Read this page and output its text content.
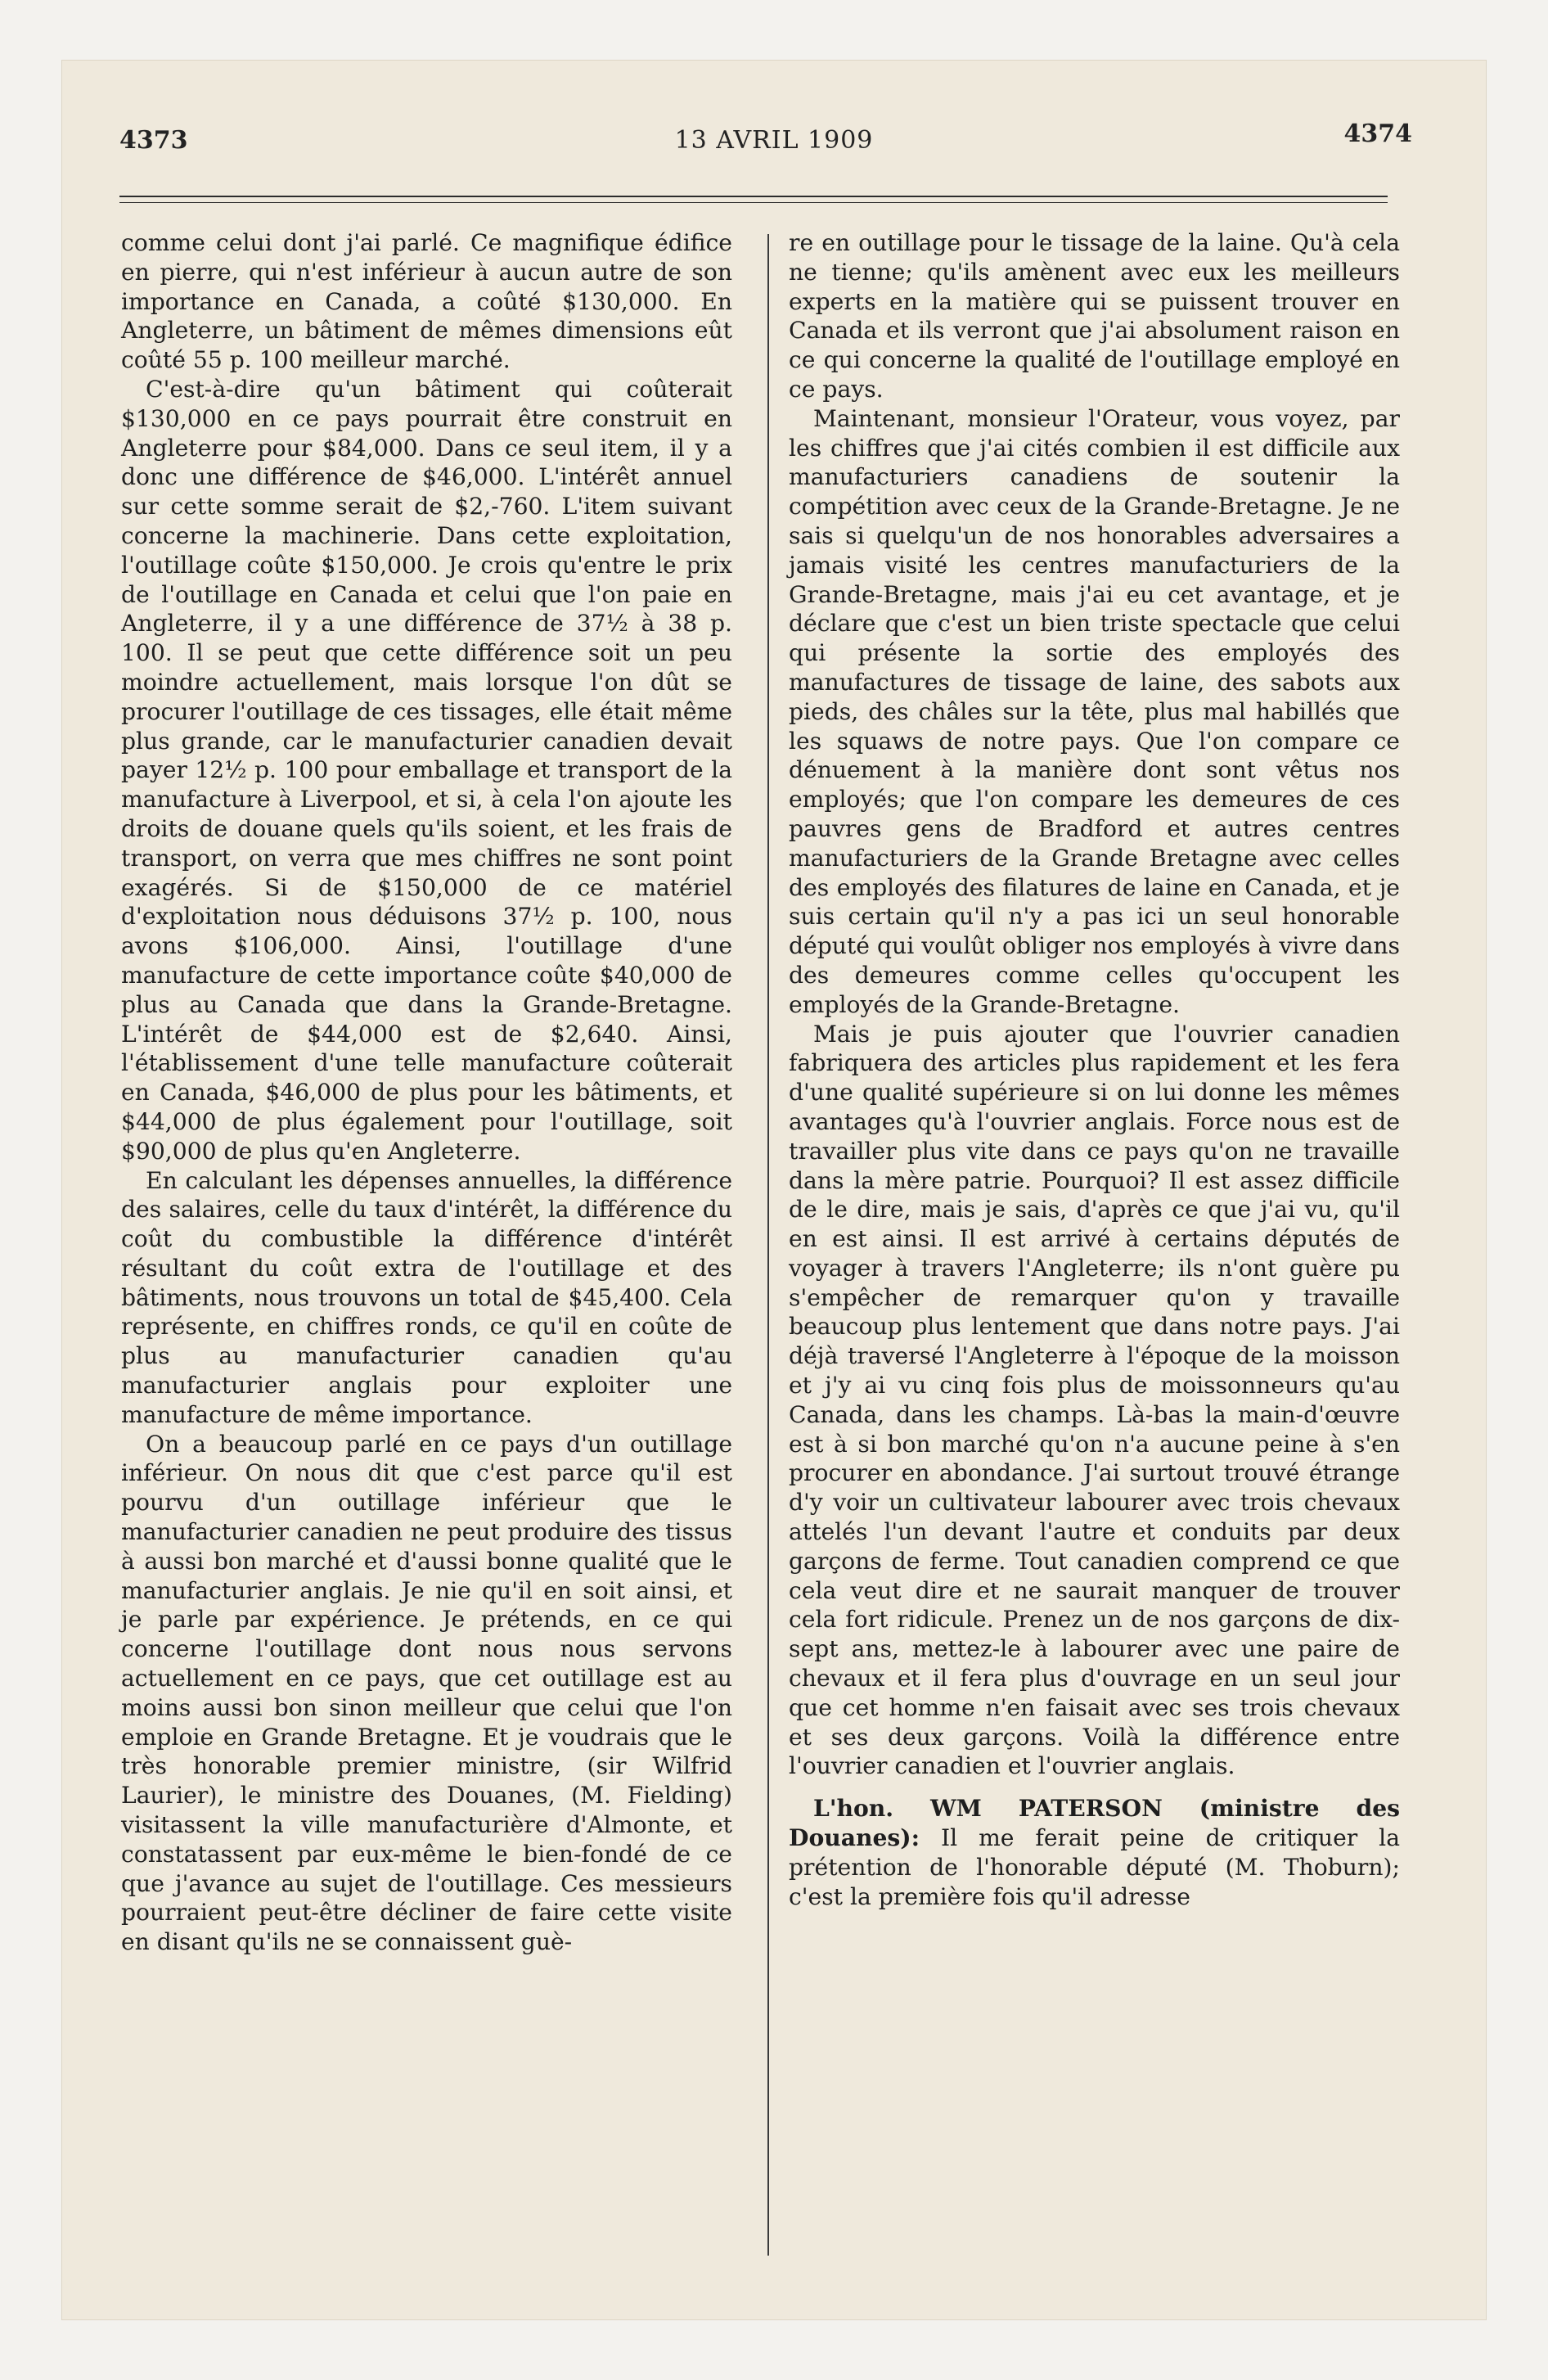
4373	13 AVRIL 1909	4374

comme celui dont j'ai parlé. Ce magnifique édifice en pierre, qui n'est inférieur à aucun autre de son importance en Canada, a coûté $130,000. En Angleterre, un bâtiment de mêmes dimensions eût coûté 55 p. 100 meilleur marché.

C'est-à-dire qu'un bâtiment qui coûterait $130,000 en ce pays pourrait être construit en Angleterre pour $84,000. Dans ce seul item, il y a donc une différence de $46,000. L'intérêt annuel sur cette somme serait de $2,-760. L'item suivant concerne la machinerie. Dans cette exploitation, l'outillage coûte $150,000. Je crois qu'entre le prix de l'outillage en Canada et celui que l'on paie en Angleterre, il y a une différence de 37½ à 38 p. 100. Il se peut que cette différence soit un peu moindre actuellement, mais lorsque l'on dût se procurer l'outillage de ces tissages, elle était même plus grande, car le manufacturier canadien devait payer 12½ p. 100 pour emballage et transport de la manufacture à Liverpool, et si, à cela l'on ajoute les droits de douane quels qu'ils soient, et les frais de transport, on verra que mes chiffres ne sont point exagérés. Si de $150,000 de ce matériel d'exploitation nous déduisons 37½ p. 100, nous avons $106,000. Ainsi, l'outillage d'une manufacture de cette importance coûte $40,000 de plus au Canada que dans la Grande-Bretagne. L'intérêt de $44,000 est de $2,640. Ainsi, l'établissement d'une telle manufacture coûterait en Canada, $46,000 de plus pour les bâtiments, et $44,000 de plus également pour l'outillage, soit $90,000 de plus qu'en Angleterre.

En calculant les dépenses annuelles, la différence des salaires, celle du taux d'intérêt, la différence du coût du combustible la différence d'intérêt résultant du coût extra de l'outillage et des bâtiments, nous trouvons un total de $45,400. Cela représente, en chiffres ronds, ce qu'il en coûte de plus au manufacturier canadien qu'au manufacturier anglais pour exploiter une manufacture de même importance.

On a beaucoup parlé en ce pays d'un outillage inférieur. On nous dit que c'est parce qu'il est pourvu d'un outillage inférieur que le manufacturier canadien ne peut produire des tissus à aussi bon marché et d'aussi bonne qualité que le manufacturier anglais. Je nie qu'il en soit ainsi, et je parle par expérience. Je prétends, en ce qui concerne l'outillage dont nous nous servons actuellement en ce pays, que cet outillage est au moins aussi bon sinon meilleur que celui que l'on emploie en Grande Bretagne. Et je voudrais que le très honorable premier ministre, (sir Wilfrid Laurier), le ministre des Douanes, (M. Fielding) visitassent la ville manufacturière d'Almonte, et constatassent par eux-même le bien-fondé de ce que j'avance au sujet de l'outillage. Ces messieurs pourraient peut-être décliner de faire cette visite en disant qu'ils ne se connaissent guè-

re en outillage pour le tissage de la laine. Qu'à cela ne tienne; qu'ils amènent avec eux les meilleurs experts en la matière qui se puissent trouver en Canada et ils verront que j'ai absolument raison en ce qui concerne la qualité de l'outillage employé en ce pays.

Maintenant, monsieur l'Orateur, vous voyez, par les chiffres que j'ai cités combien il est difficile aux manufacturiers canadiens de soutenir la compétition avec ceux de la Grande-Bretagne. Je ne sais si quelqu'un de nos honorables adversaires a jamais visité les centres manufacturiers de la Grande-Bretagne, mais j'ai eu cet avantage, et je déclare que c'est un bien triste spectacle que celui qui présente la sortie des employés des manufactures de tissage de laine, des sabots aux pieds, des châles sur la tête, plus mal habillés que les squaws de notre pays. Que l'on compare ce dénuement à la manière dont sont vêtus nos employés; que l'on compare les demeures de ces pauvres gens de Bradford et autres centres manufacturiers de la Grande Bretagne avec celles des employés des filatures de laine en Canada, et je suis certain qu'il n'y a pas ici un seul honorable député qui voulût obliger nos employés à vivre dans des demeures comme celles qu'occupent les employés de la Grande-Bretagne.

Mais je puis ajouter que l'ouvrier canadien fabriquera des articles plus rapidement et les fera d'une qualité supérieure si on lui donne les mêmes avantages qu'à l'ouvrier anglais. Force nous est de travailler plus vite dans ce pays qu'on ne travaille dans la mère patrie. Pourquoi? Il est assez difficile de le dire, mais je sais, d'après ce que j'ai vu, qu'il en est ainsi. Il est arrivé à certains députés de voyager à travers l'Angleterre; ils n'ont guère pu s'empêcher de remarquer qu'on y travaille beaucoup plus lentement que dans notre pays. J'ai déjà traversé l'Angleterre à l'époque de la moisson et j'y ai vu cinq fois plus de moissonneurs qu'au Canada, dans les champs. Là-bas la main-d'œuvre est à si bon marché qu'on n'a aucune peine à s'en procurer en abondance. J'ai surtout trouvé étrange d'y voir un cultivateur labourer avec trois chevaux attelés l'un devant l'autre et conduits par deux garçons de ferme. Tout canadien comprend ce que cela veut dire et ne saurait manquer de trouver cela fort ridicule. Prenez un de nos garçons de dix-sept ans, mettez-le à labourer avec une paire de chevaux et il fera plus d'ouvrage en un seul jour que cet homme n'en faisait avec ses trois chevaux et ses deux garçons. Voilà la différence entre l'ouvrier canadien et l'ouvrier anglais.

L'hon. WM PATERSON (ministre des Douanes): Il me ferait peine de critiquer la prétention de l'honorable député (M. Thoburn); c'est la première fois qu'il adresse
